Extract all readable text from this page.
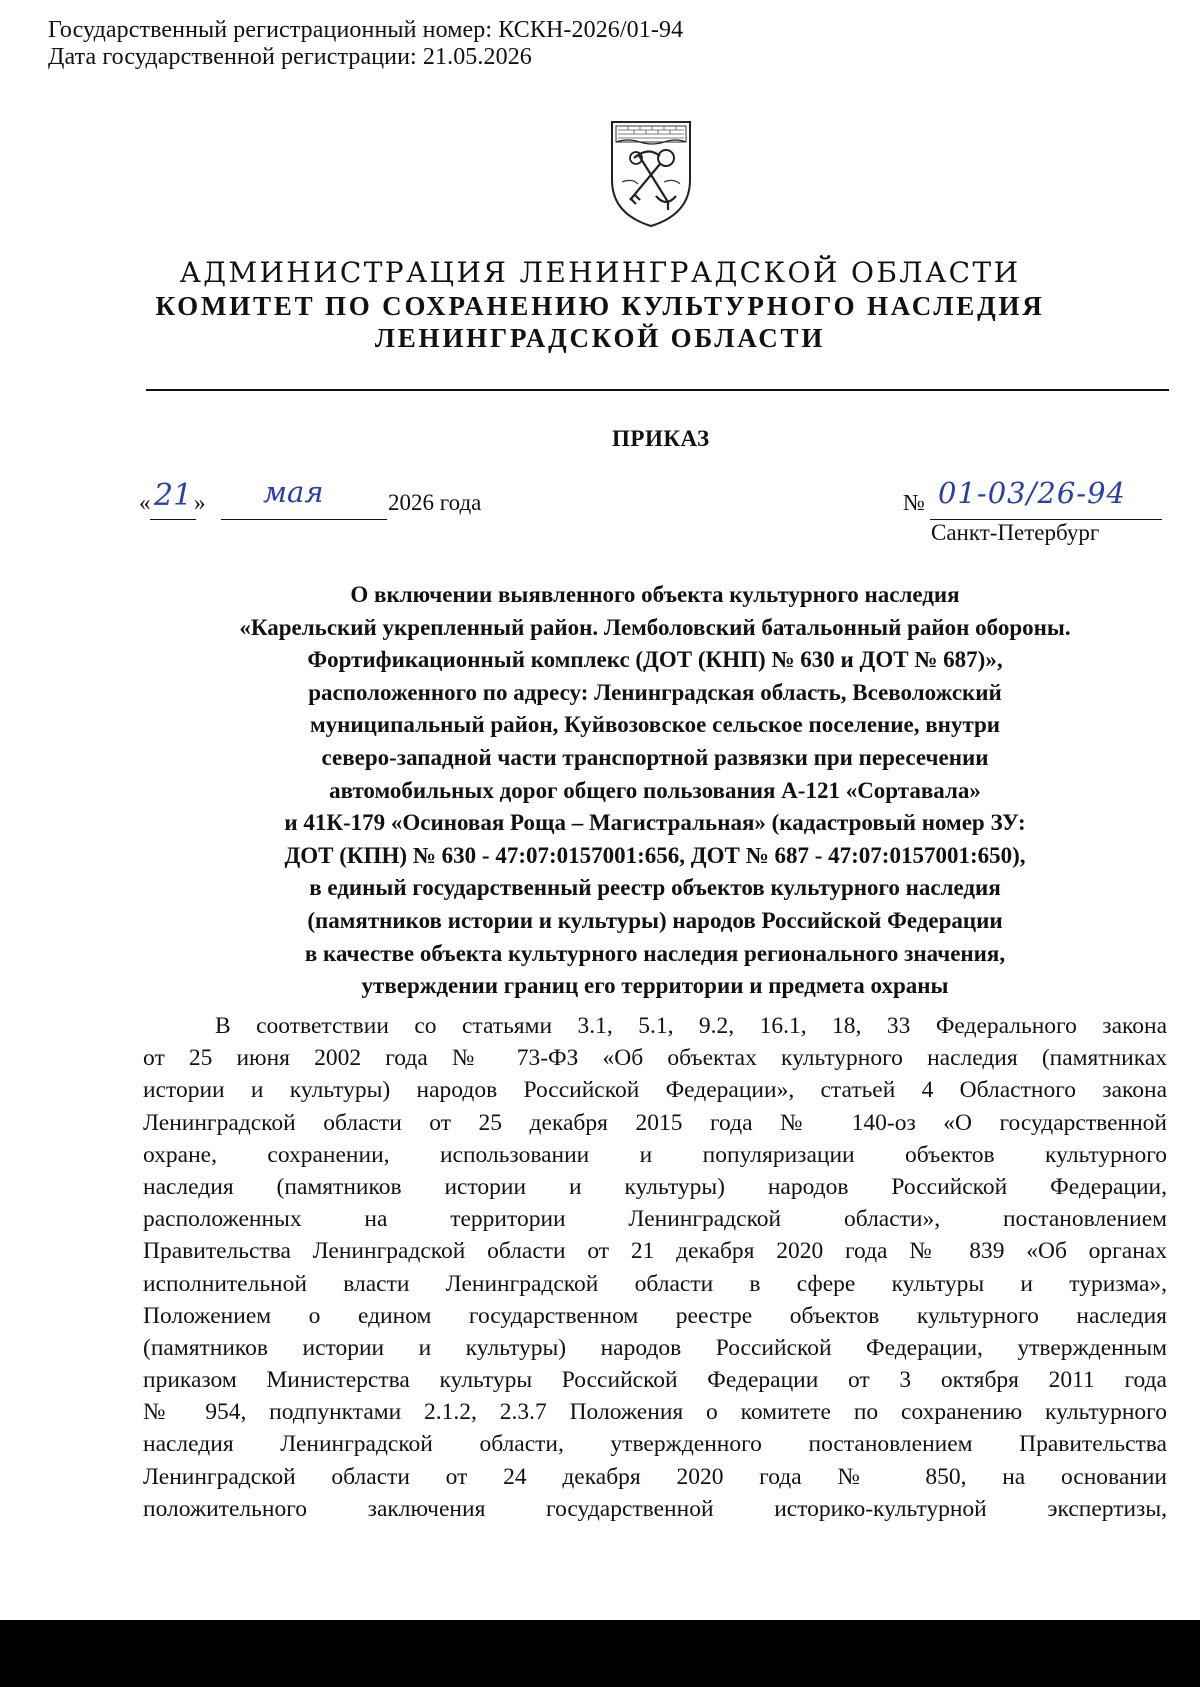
Государственный регистрационный номер: КСКН-2026/01-94
Дата государственной регистрации: 21.05.2026
АДМИНИСТРАЦИЯ ЛЕНИНГРАДСКОЙ ОБЛАСТИ
КОМИТЕТ ПО СОХРАНЕНИЮ КУЛЬТУРНОГО НАСЛЕДИЯ
ЛЕНИНГРАДСКОЙ ОБЛАСТИ
ПРИКАЗ
« 21 » мая	2026 года	№ 01-03/26-94
Санкт-Петербург
О включении выявленного объекта культурного наследия
«Карельский укрепленный район. Лемболовский батальонный район обороны.
Фортификационный комплекс (ДОТ (КНП) № 630 и ДОТ № 687)»,
расположенного по адресу: Ленинградская область, Всеволожский
муниципальный район, Куйвозовское сельское поселение, внутри
северо-западной части транспортной развязки при пересечении
автомобильных дорог общего пользования А-121 «Сортавала»
и 41К-179 «Осиновая Роща – Магистральная» (кадастровый номер ЗУ:
ДОТ (КПН) № 630 - 47:07:0157001:656, ДОТ № 687 - 47:07:0157001:650),
в единый государственный реестр объектов культурного наследия
(памятников истории и культуры) народов Российской Федерации
в качестве объекта культурного наследия регионального значения,
утверждении границ его территории и предмета охраны
В соответствии со статьями 3.1, 5.1, 9.2, 16.1, 18, 33 Федерального закона
от 25 июня 2002 года № 73-ФЗ «Об объектах культурного наследия (памятниках
истории и культуры) народов Российской Федерации», статьей 4 Областного закона
Ленинградской области от 25 декабря 2015 года № 140-оз «О государственной
охране, сохранении, использовании и популяризации объектов культурного
наследия (памятников истории и культуры) народов Российской Федерации,
расположенных на территории Ленинградской области», постановлением
Правительства Ленинградской области от 21 декабря 2020 года № 839 «Об органах
исполнительной власти Ленинградской области в сфере культуры и туризма»,
Положением о едином государственном реестре объектов культурного наследия
(памятников истории и культуры) народов Российской Федерации, утвержденным
приказом Министерства культуры Российской Федерации от 3 октября 2011 года
№ 954, подпунктами 2.1.2, 2.3.7 Положения о комитете по сохранению культурного
наследия Ленинградской области, утвержденного постановлением Правительства
Ленинградской области от 24 декабря 2020 года № 850, на основании
положительного заключения государственной историко-культурной экспертизы,
